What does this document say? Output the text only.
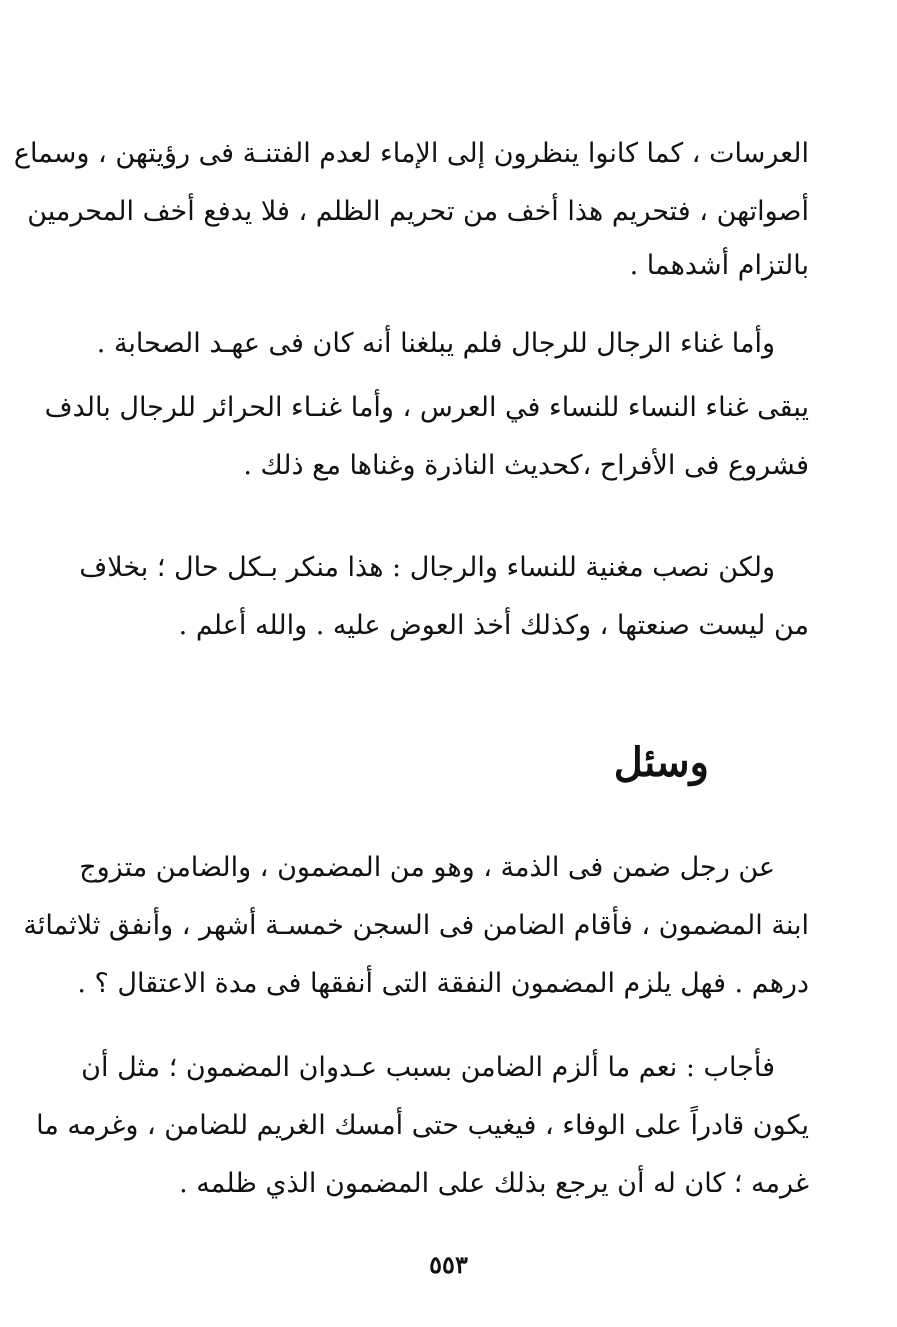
العرسات ، كما كانوا ينظرون إلى الإماء لعدم الفتنـة فى رؤيتهن ، وسماع
أصواتهن ، فتحريم هذا أخف من تحريم الظلم ، فلا يدفع أخف المحرمين
بالتزام أشدهما .
وأما غناء الرجال للرجال فلم يبلغنا أنه كان فى عهـد الصحابة .
يبقى غناء النساء للنساء في العرس ، وأما غنـاء الحرائر للرجال بالدف
فشروع فى الأفراح ،كحديث الناذرة وغناها مع ذلك .
ولكن نصب مغنية للنساء والرجال : هذا منكر بـكل حال ؛ بخلاف
من ليست صنعتها ، وكذلك أخذ العوض عليه . والله أعلم .
وسئل
عن رجل ضمن فى الذمة ، وهو من المضمون ، والضامن متزوج
ابنة المضمون ، فأقام الضامن فى السجن خمسـة أشهر ، وأنفق ثلاثمائة
درهم . فهل يلزم المضمون النفقة التى أنفقها فى مدة الاعتقال ؟ .
فأجاب : نعم ما ألزم الضامن بسبب عـدوان المضمون ؛ مثل أن
يكون قادراً على الوفاء ، فيغيب حتى أمسك الغريم للضامن ، وغرمه ما
غرمه ؛ كان له أن يرجع بذلك على المضمون الذي ظلمه .
٥٥٣
